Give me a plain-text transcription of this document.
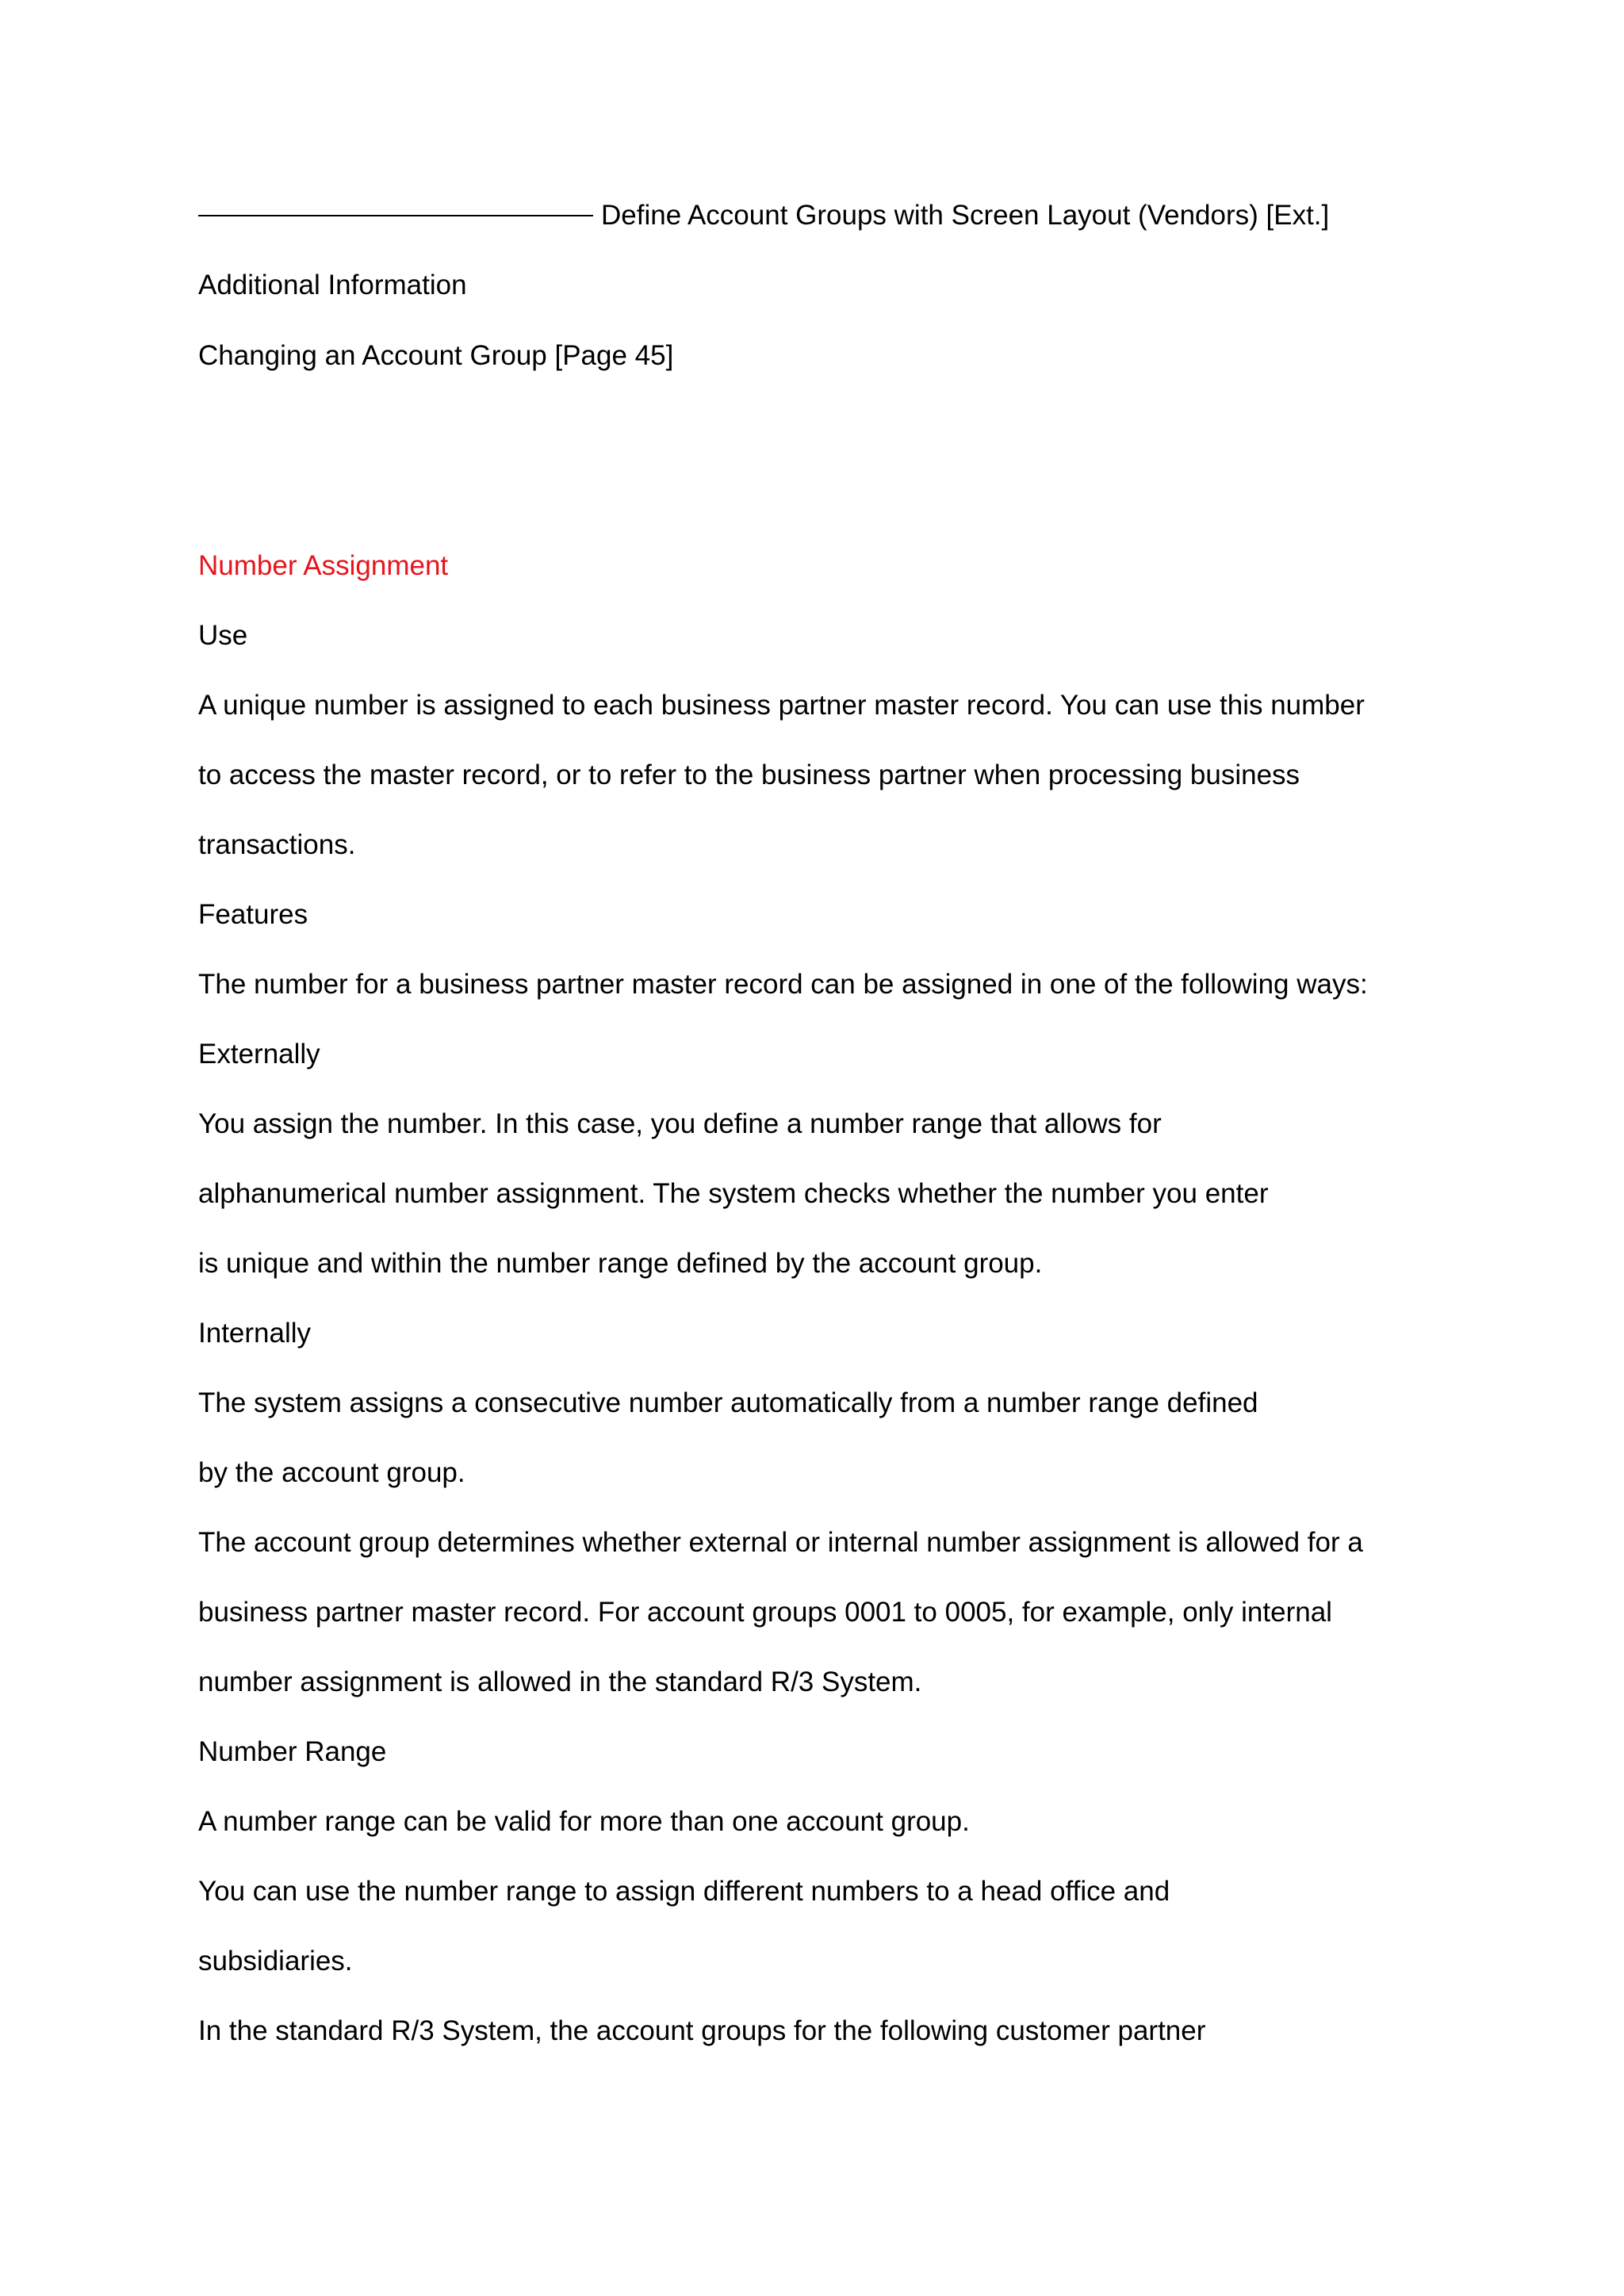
Define Account Groups with Screen Layout (Vendors) [Ext.]
Additional Information
Changing an Account Group [Page 45]
Number Assignment
Use
A unique number is assigned to each business partner master record. You can use this number
to access the master record, or to refer to the business partner when processing business
transactions.
Features
The number for a business partner master record can be assigned in one of the following ways:
Externally
You assign the number. In this case, you define a number range that allows for
alphanumerical number assignment. The system checks whether the number you enter
is unique and within the number range defined by the account group.
Internally
The system assigns a consecutive number automatically from a number range defined
by the account group.
The account group determines whether external or internal number assignment is allowed for a
business partner master record. For account groups 0001 to 0005, for example, only internal
number assignment is allowed in the standard R/3 System.
Number Range
A number range can be valid for more than one account group.
You can use the number range to assign different numbers to a head office and
subsidiaries.
In the standard R/3 System, the account groups for the following customer partner
